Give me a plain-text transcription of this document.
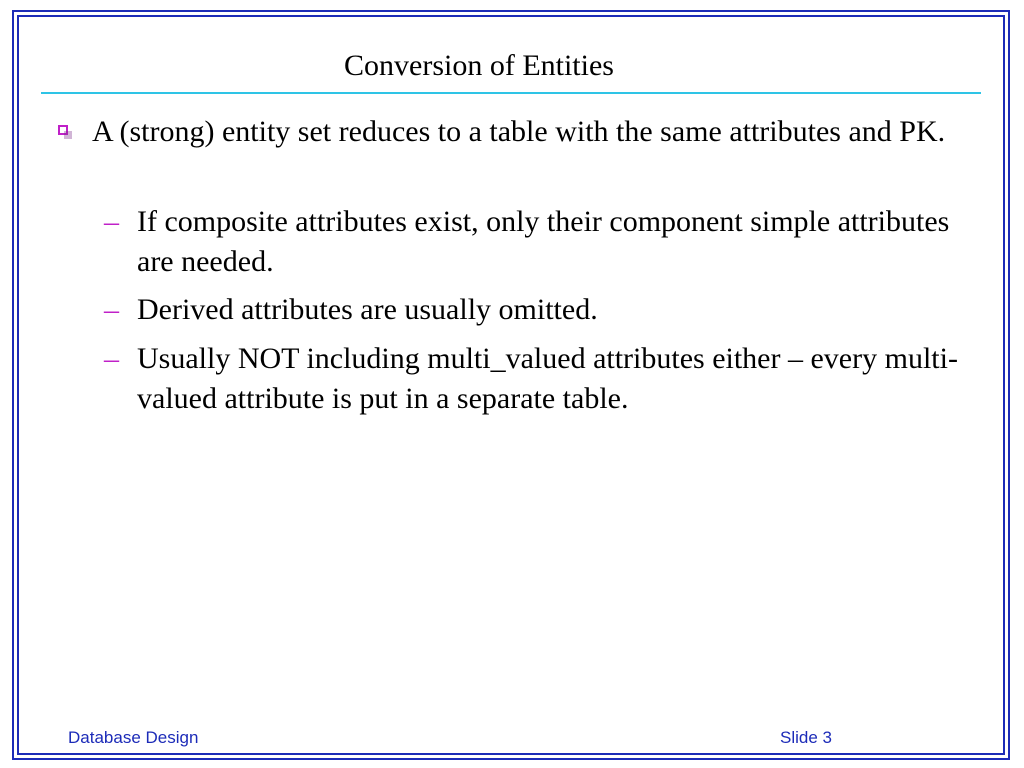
Conversion of Entities
A (strong) entity set reduces to a table with the same attributes and PK.
– If composite attributes exist, only their component simple attributes are needed.
– Derived attributes are usually omitted.
– Usually NOT including multi_valued attributes either – every multi-valued attribute is put in a separate table.
Database Design	Slide 3
